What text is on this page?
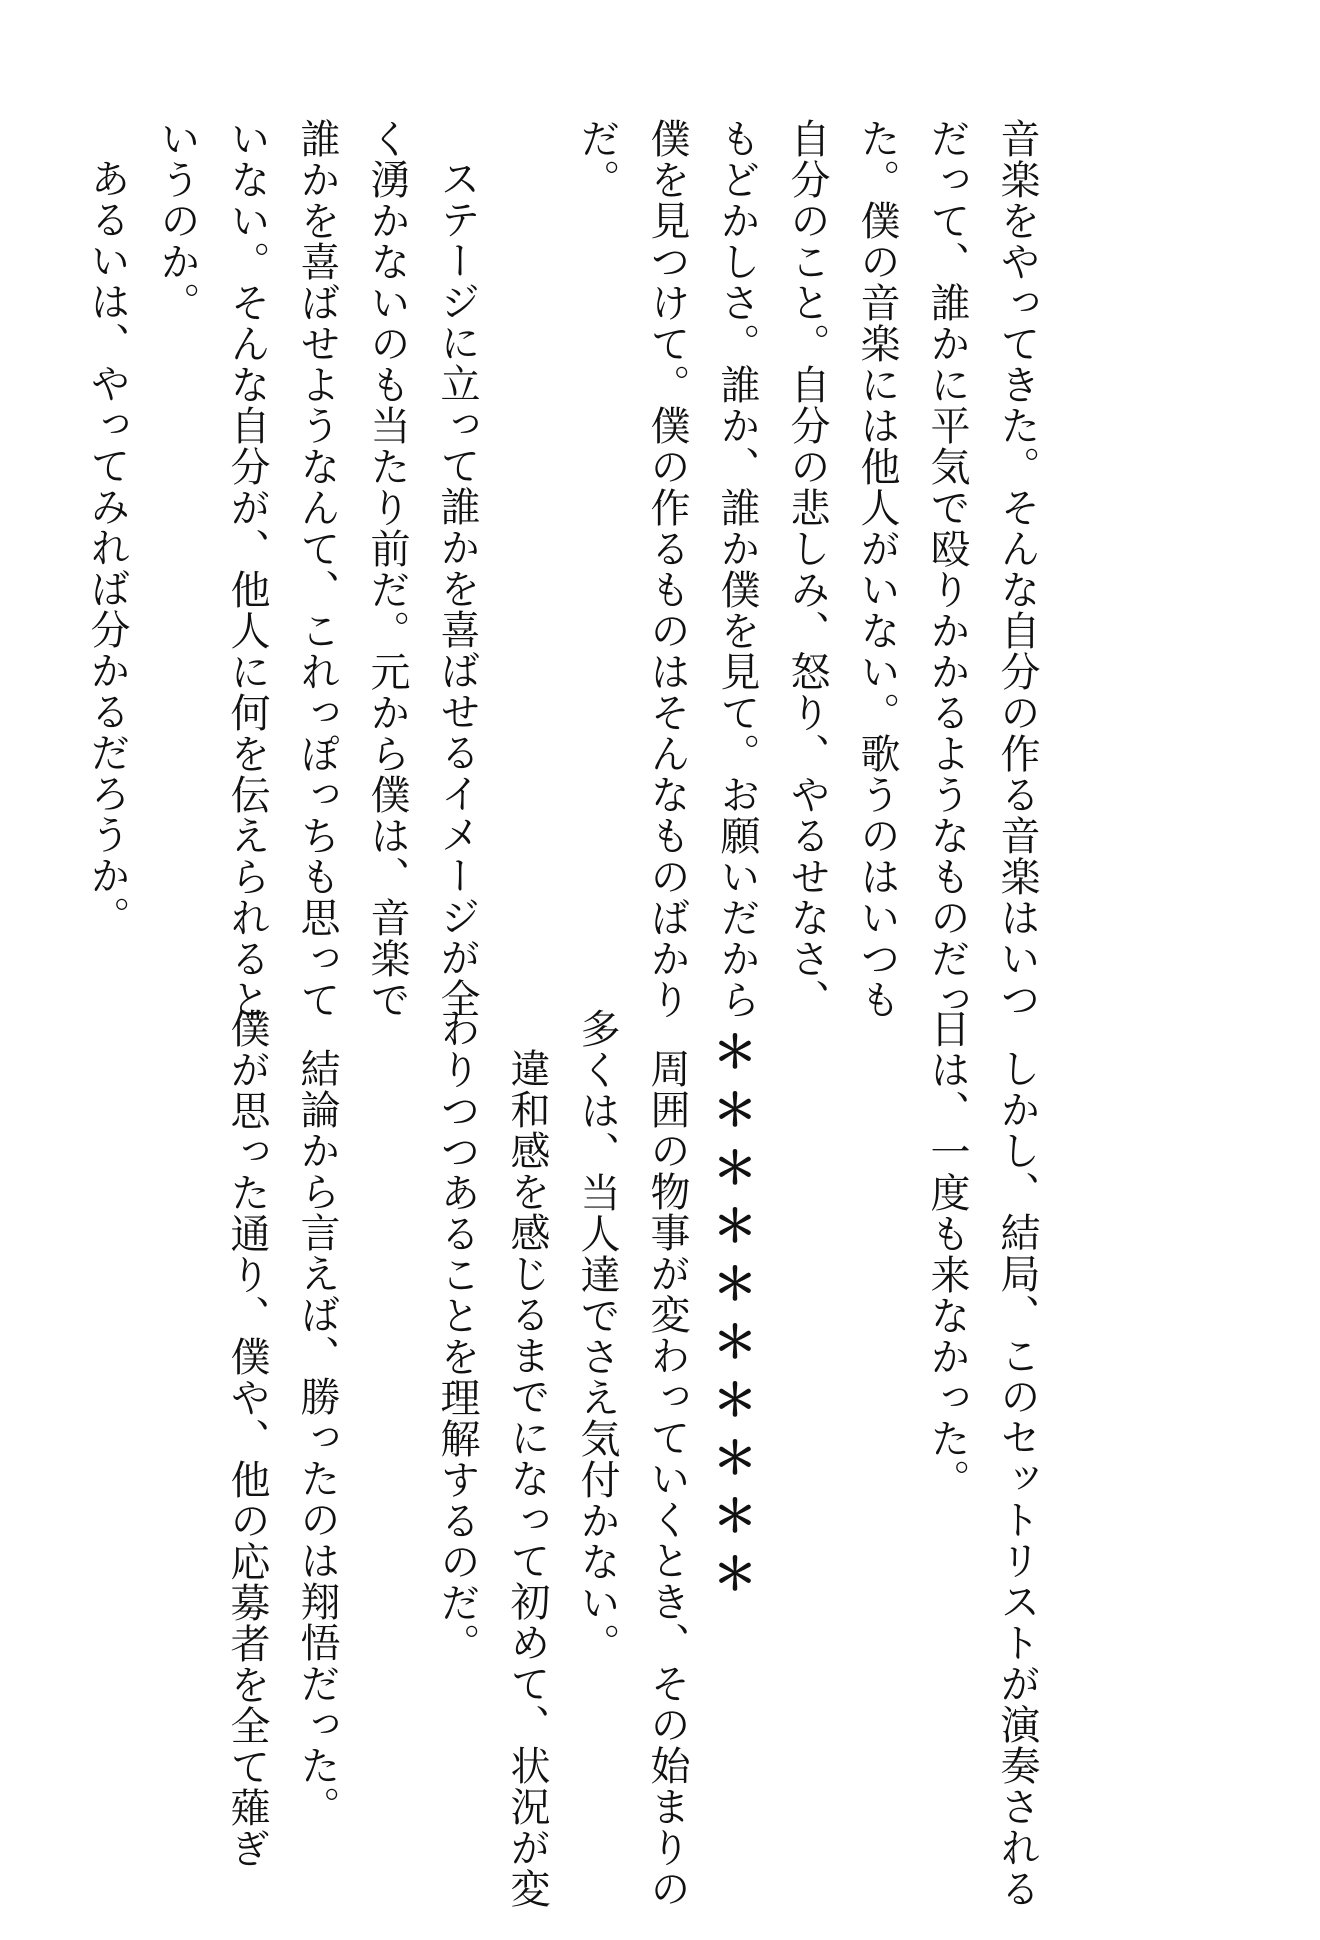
音楽をやってきた。そんな自分の作る音楽はいつ
だって、誰かに平気で殴りかかるようなものだっ
た。僕の音楽には他人がいない。歌うのはいつも
自分のこと。自分の悲しみ、怒り、やるせなさ、
もどかしさ。誰か、誰か僕を見て。お願いだから
僕を見つけて。僕の作るものはそんなものばかり
だ。

ステージに立って誰かを喜ばせるイメージが全
く湧かないのも当たり前だ。元から僕は、音楽で
誰かを喜ばせようなんて、これっぽっちも思って
いない。そんな自分が、他人に何を伝えられると
いうのか。
あるいは、やってみれば分かるだろうか。

しかし、結局、このセットリストが演奏される
日は、一度も来なかった。

周囲の物事が変わっていくとき、その始まりの
多くは、当人達でさえ気付かない。
違和感を感じるまでになって初めて、状況が変
わりつつあることを理解するのだ。

結論から言えば、勝ったのは翔悟だった。
僕が思った通り、僕や、他の応募者を全て薙ぎ	＊
＊
＊
＊
＊
＊
＊
＊
＊
＊
